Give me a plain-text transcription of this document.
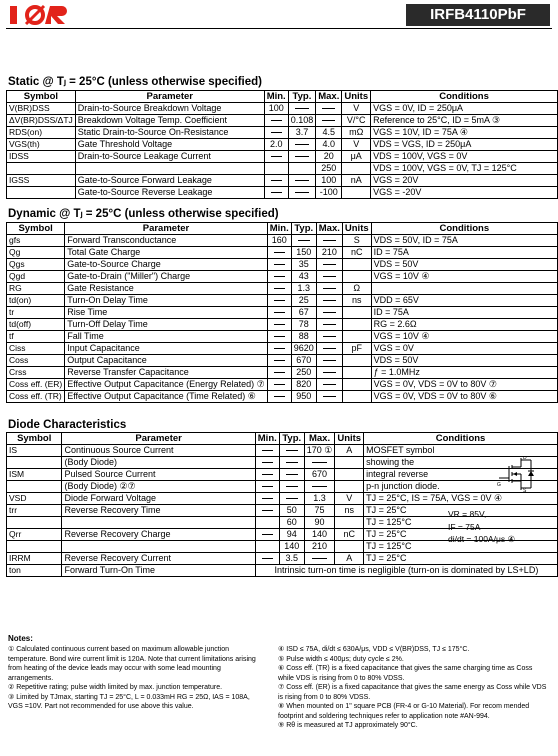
IRFB4110PbF
Static @ Tⱼ = 25°C (unless otherwise specified)
Symbol	Parameter	Min.	Typ.	Max.	Units	Conditions
V(BR)DSS	Drain-to-Source Breakdown Voltage	100			V	VGS = 0V, ID = 250μA
ΔV(BR)DSS/ΔTJ	Breakdown Voltage Temp. Coefficient		0.108		V/°C	Reference to 25°C, ID = 5mA ③
RDS(on)	Static Drain-to-Source On-Resistance		3.7	4.5	mΩ	VGS = 10V, ID = 75A ④
VGS(th)	Gate Threshold Voltage	2.0		4.0	V	VDS = VGS, ID = 250μA
IDSS	Drain-to-Source Leakage Current			20	μA	VDS = 100V, VGS = 0V
				250		VDS = 100V, VGS = 0V, TJ = 125°C
IGSS	Gate-to-Source Forward Leakage			100	nA	VGS = 20V
	Gate-to-Source Reverse Leakage			-100		VGS = -20V
Dynamic @ Tⱼ = 25°C (unless otherwise specified)
Symbol	Parameter	Min.	Typ.	Max.	Units	Conditions
gfs	Forward Transconductance	160			S	VDS = 50V, ID = 75A
Qg	Total Gate Charge		150	210	nC	ID = 75A
Qgs	Gate-to-Source Charge		35			VDS = 50V
Qgd	Gate-to-Drain ("Miller") Charge		43			VGS = 10V ④
RG	Gate Resistance		1.3		Ω	
td(on)	Turn-On Delay Time		25		ns	VDD = 65V
tr	Rise Time		67			ID = 75A
td(off)	Turn-Off Delay Time		78			RG = 2.6Ω
tf	Fall Time		88			VGS = 10V ④
Ciss	Input Capacitance		9620		pF	VGS = 0V
Coss	Output Capacitance		670			VDS = 50V
Crss	Reverse Transfer Capacitance		250			ƒ = 1.0MHz
Coss eff. (ER)	Effective Output Capacitance (Energy Related) ⑦		820			VGS = 0V, VDS = 0V to 80V ⑦
Coss eff. (TR)	Effective Output Capacitance (Time Related) ⑥		950			VGS = 0V, VDS = 0V to 80V ⑥
Diode Characteristics
Symbol	Parameter	Min.	Typ.	Max.	Units	Conditions
IS	Continuous Source Current			170 ①	A	MOSFET symbol
	(Body Diode)					showing the
ISM	Pulsed Source Current			670		integral reverse
	(Body Diode) ②⑦					p-n junction diode.
VSD	Diode Forward Voltage			1.3	V	TJ = 25°C, IS = 75A, VGS = 0V ④
trr	Reverse Recovery Time		50	75	ns	TJ = 25°C
			60	90		TJ = 125°C
Qrr	Reverse Recovery Charge		94	140	nC	TJ = 25°C
			140	210		TJ = 125°C
IRRM	Reverse Recovery Current		3.5		A	TJ = 25°C
ton	Forward Turn-On Time	Intrinsic turn-on time is negligible (turn-on is dominated by LS+LD)				
G
D
S
Notes:

① Calculated continuous current based on maximum allowable junction temperature. Bond wire current limit is 120A. Note that current limitations arising from heating of the device leads may occur with some lead mounting arrangements.

② Repetitive rating; pulse width limited by max. junction temperature.

③ Limited by TJmax, starting TJ = 25°C, L = 0.033mH RG = 25Ω, IAS = 108A, VGS =10V. Part not recommended for use above this value.

④ ISD ≤ 75A, di/dt ≤ 630A/μs, VDD ≤ V(BR)DSS, TJ ≤ 175°C.

⑤ Pulse width ≤ 400μs; duty cycle ≤ 2%.

⑥ Coss eff. (TR) is a fixed capacitance that gives the same charging time as Coss while VDS is rising from 0 to 80% VDSS.

⑦ Coss eff. (ER) is a fixed capacitance that gives the same energy as Coss while VDS is rising from 0 to 80% VDSS.

⑧ When mounted on 1" square PCB (FR-4 or G-10 Material). For recom mended footprint and soldering techniques refer to application note #AN-994.

⑨ Rθ is measured at TJ approximately 90°C.

VR = 85V,
IF = 75A
di/dt = 100A/μs ④
